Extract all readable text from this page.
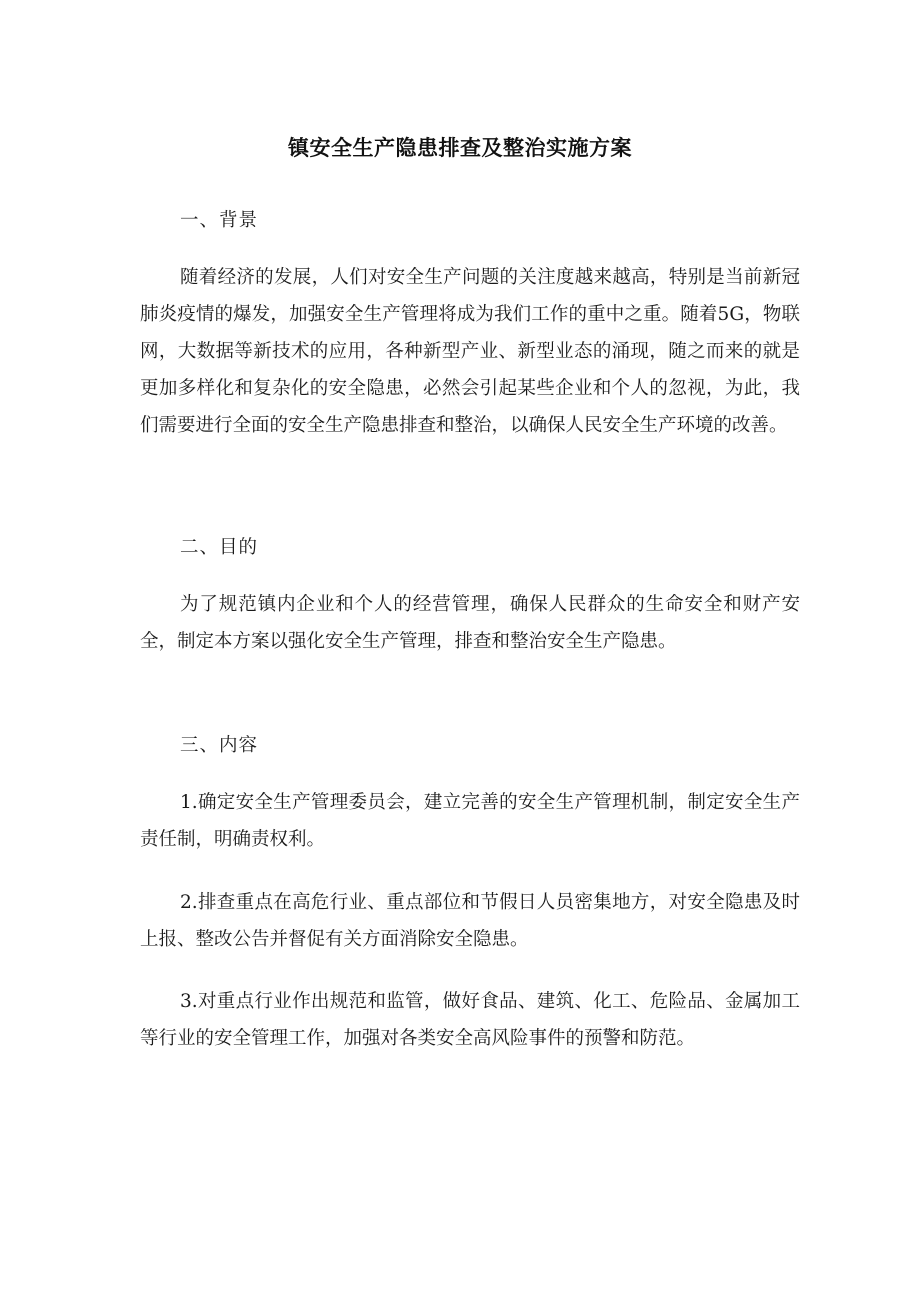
镇安全生产隐患排查及整治实施方案
一、背景
随着经济的发展，人们对安全生产问题的关注度越来越高，特别是当前新冠肺炎疫情的爆发，加强安全生产管理将成为我们工作的重中之重。随着5G，物联网，大数据等新技术的应用，各种新型产业、新型业态的涌现，随之而来的就是更加多样化和复杂化的安全隐患，必然会引起某些企业和个人的忽视，为此，我们需要进行全面的安全生产隐患排查和整治，以确保人民安全生产环境的改善。
二、目的
为了规范镇内企业和个人的经营管理，确保人民群众的生命安全和财产安全，制定本方案以强化安全生产管理，排查和整治安全生产隐患。
三、内容
1.确定安全生产管理委员会，建立完善的安全生产管理机制，制定安全生产责任制，明确责权利。
2.排查重点在高危行业、重点部位和节假日人员密集地方，对安全隐患及时上报、整改公告并督促有关方面消除安全隐患。
3.对重点行业作出规范和监管，做好食品、建筑、化工、危险品、金属加工等行业的安全管理工作，加强对各类安全高风险事件的预警和防范。
